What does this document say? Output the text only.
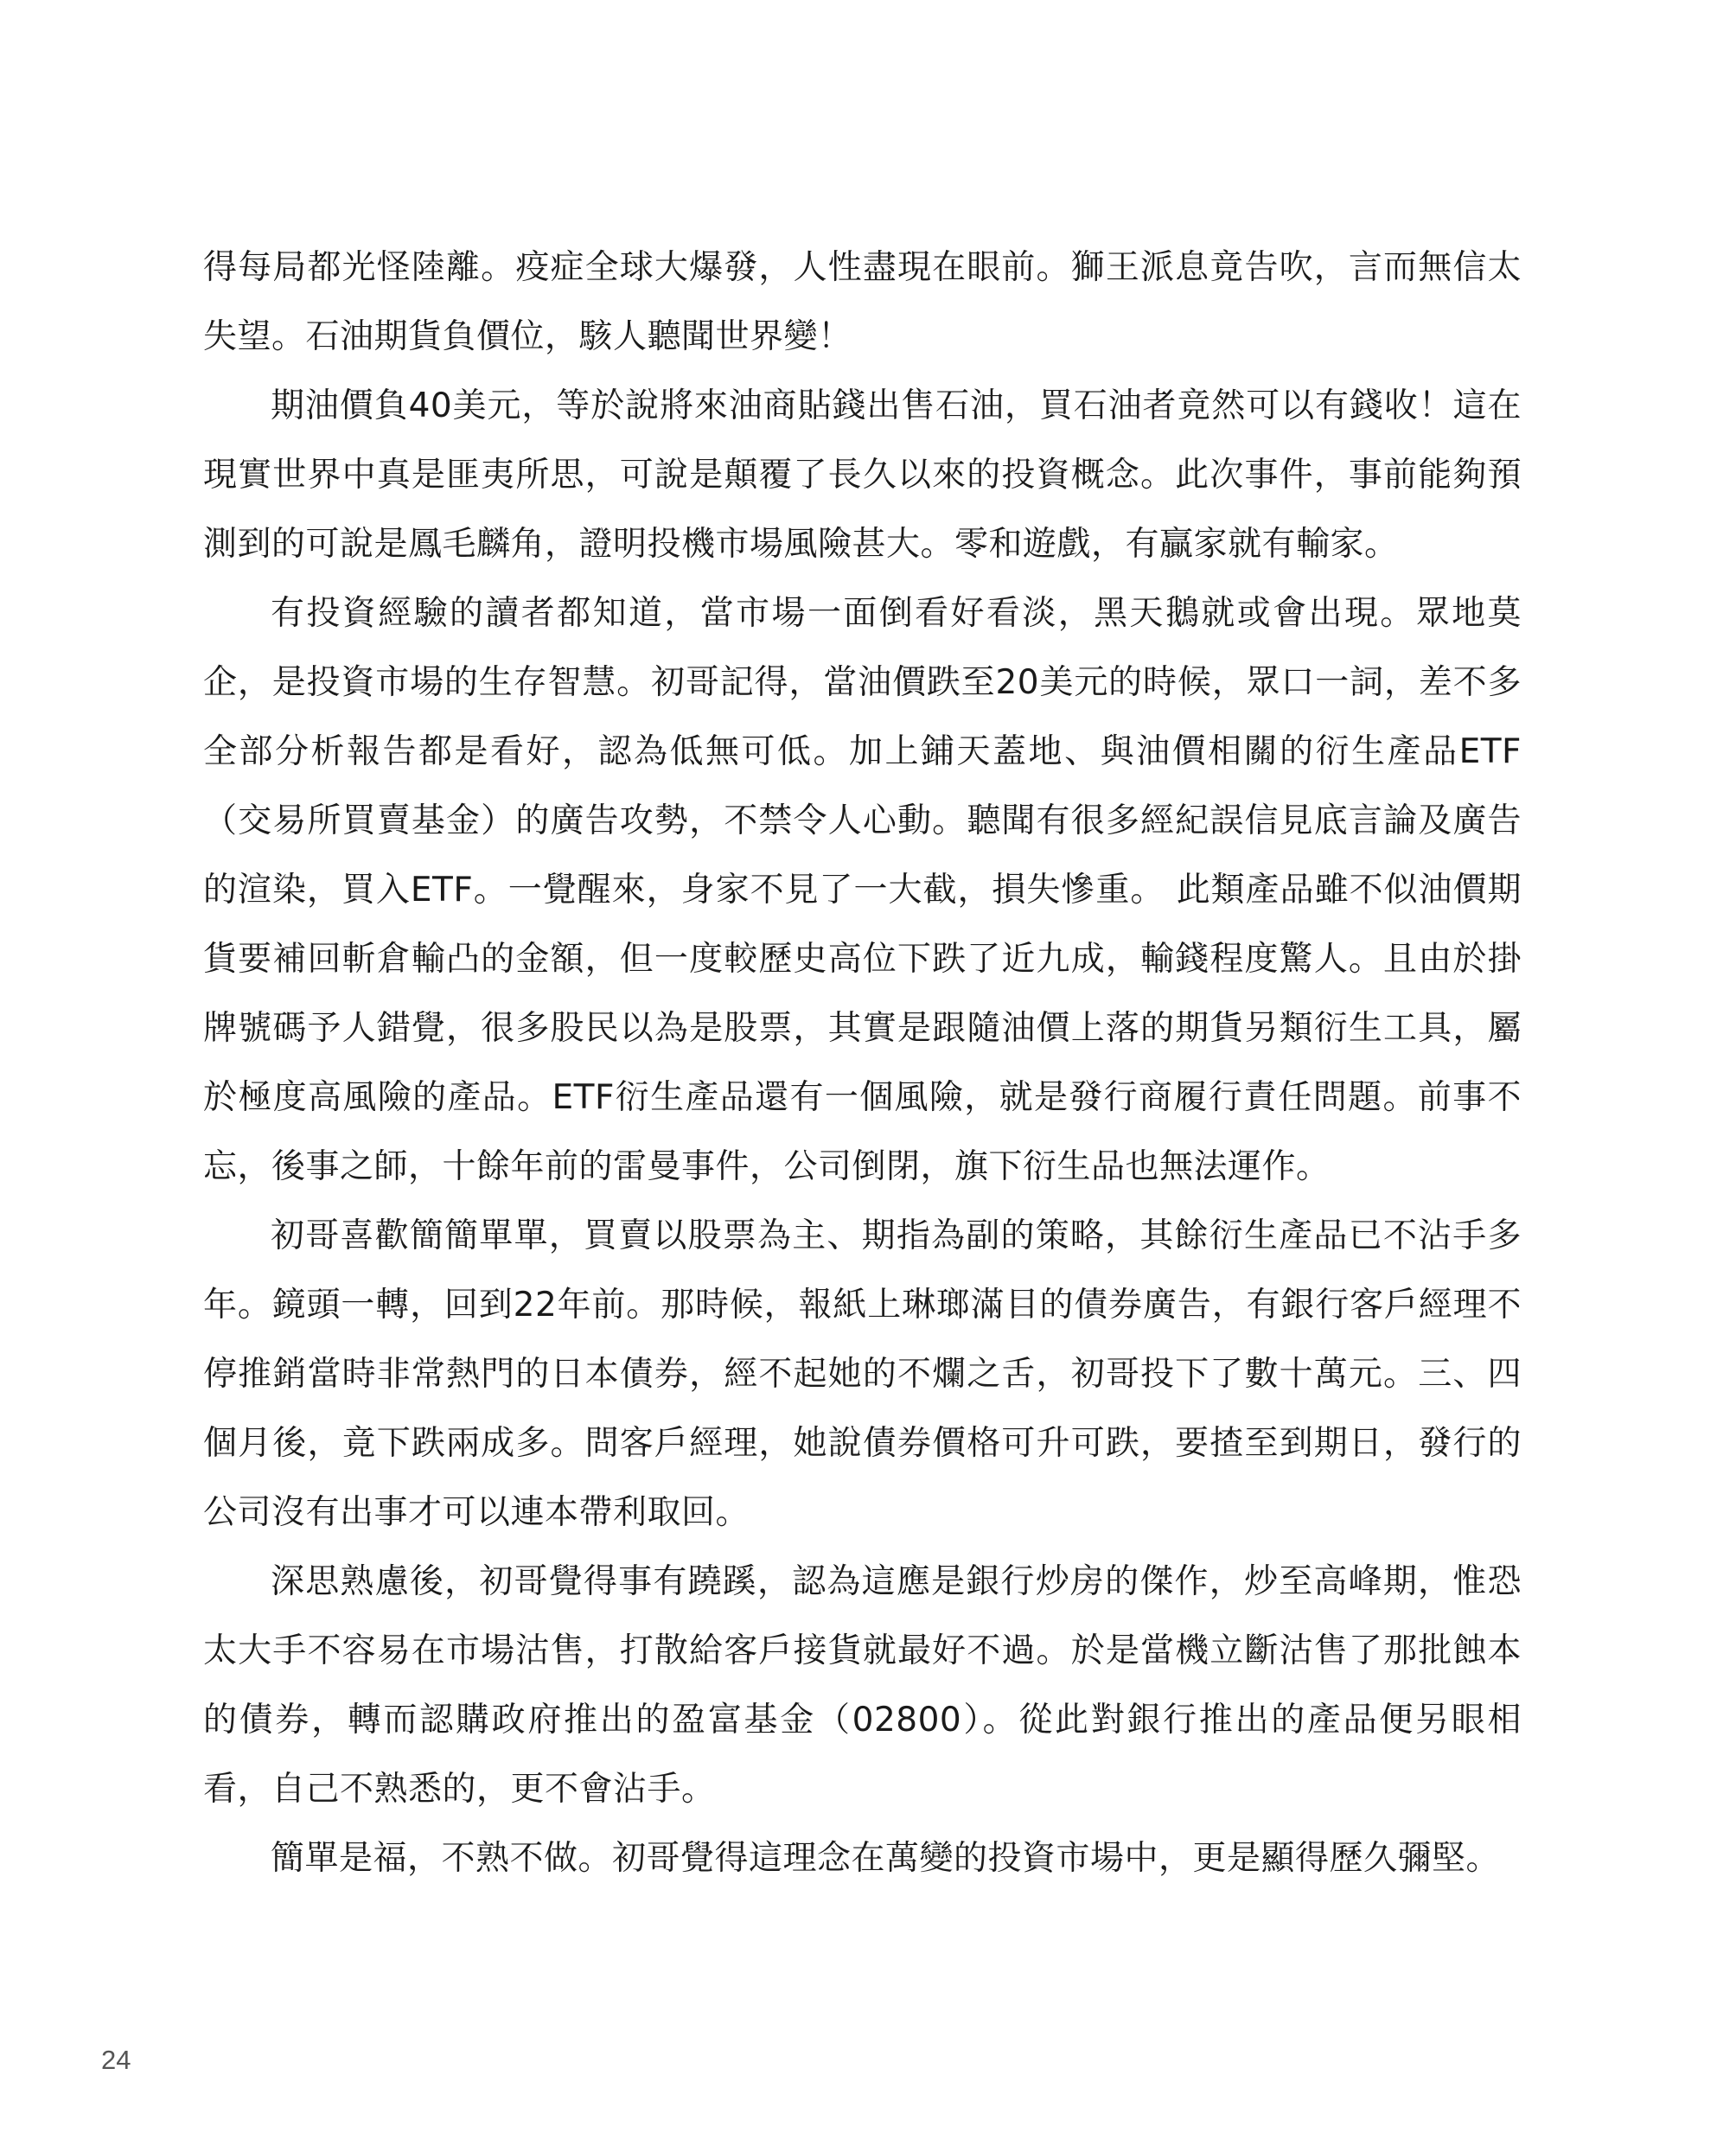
得每局都光怪陸離。疫症全球大爆發，人性盡現在眼前。獅王派息竟告吹，言而無信太失望。石油期貨負價位，駭人聽聞世界變！

期油價負40美元，等於說將來油商貼錢出售石油，買石油者竟然可以有錢收！這在現實世界中真是匪夷所思，可說是顛覆了長久以來的投資概念。此次事件，事前能夠預測到的可說是鳳毛麟角，證明投機市場風險甚大。零和遊戲，有贏家就有輸家。

有投資經驗的讀者都知道，當市場一面倒看好看淡，黑天鵝就或會出現。眾地莫企，是投資市場的生存智慧。初哥記得，當油價跌至20美元的時候，眾口一詞，差不多全部分析報告都是看好，認為低無可低。加上鋪天蓋地、與油價相關的衍生產品ETF（交易所買賣基金）的廣告攻勢，不禁令人心動。聽聞有很多經紀誤信見底言論及廣告的渲染，買入ETF。一覺醒來，身家不見了一大截，損失慘重。 此類產品雖不似油價期貨要補回斬倉輸凸的金額，但一度較歷史高位下跌了近九成，輸錢程度驚人。且由於掛牌號碼予人錯覺，很多股民以為是股票，其實是跟隨油價上落的期貨另類衍生工具，屬於極度高風險的產品。ETF衍生產品還有一個風險，就是發行商履行責任問題。前事不忘，後事之師，十餘年前的雷曼事件，公司倒閉，旗下衍生品也無法運作。

初哥喜歡簡簡單單，買賣以股票為主、期指為副的策略，其餘衍生產品已不沾手多年。鏡頭一轉，回到22年前。那時候，報紙上琳瑯滿目的債券廣告，有銀行客戶經理不停推銷當時非常熱門的日本債券，經不起她的不爛之舌，初哥投下了數十萬元。三、四個月後，竟下跌兩成多。問客戶經理，她說債券價格可升可跌，要揸至到期日，發行的公司沒有出事才可以連本帶利取回。

深思熟慮後，初哥覺得事有蹺蹊，認為這應是銀行炒房的傑作，炒至高峰期，惟恐太大手不容易在市場沽售，打散給客戶接貨就最好不過。於是當機立斷沽售了那批蝕本的債券，轉而認購政府推出的盈富基金（02800）。從此對銀行推出的產品便另眼相看，自己不熟悉的，更不會沾手。

簡單是福，不熟不做。初哥覺得這理念在萬變的投資市場中，更是顯得歷久彌堅。

24
